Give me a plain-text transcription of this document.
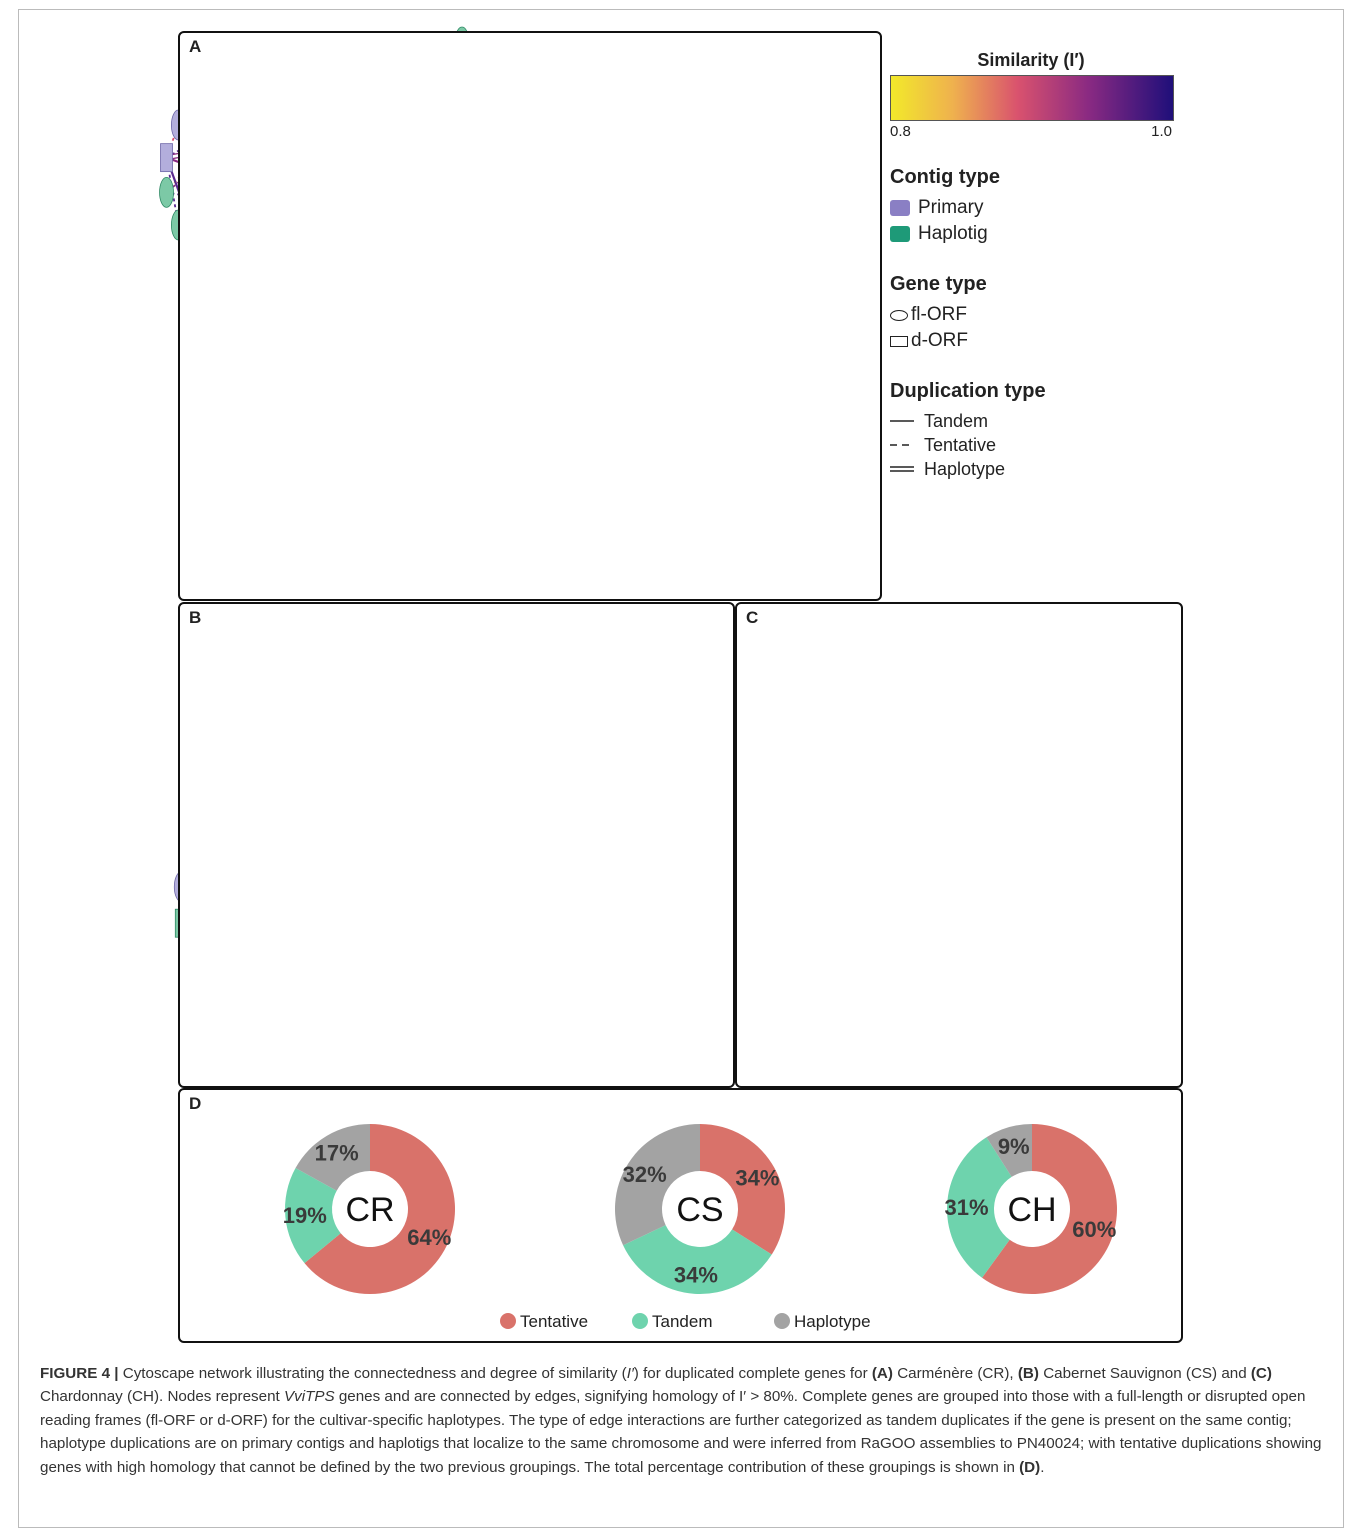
A
B	C
D
Similarity (I′)
0.8	1.0
Contig type
Primary
Haplotig
Gene type
fl-ORF
d-ORF
Duplication type
Tandem
Tentative
Haplotype
64%
19%
17%
CR
34%
34%
32%
CS
60%
31%
9%
CH
Tentative	Tandem	Haplotype
FIGURE 4 | Cytoscape network illustrating the connectedness and degree of similarity (I′) for duplicated complete genes for (A) Carménère (CR), (B) Cabernet Sauvignon (CS) and (C) Chardonnay (CH). Nodes represent VviTPS genes and are connected by edges, signifying homology of I′ > 80%. Complete genes are grouped into those with a full-length or disrupted open reading frames (fl-ORF or d-ORF) for the cultivar-specific haplotypes. The type of edge interactions are further categorized as tandem duplicates if the gene is present on the same contig; haplotype duplications are on primary contigs and haplotigs that localize to the same chromosome and were inferred from RaGOO assemblies to PN40024; with tentative duplications showing genes with high homology that cannot be defined by the two previous groupings. The total percentage contribution of these groupings is shown in (D).
